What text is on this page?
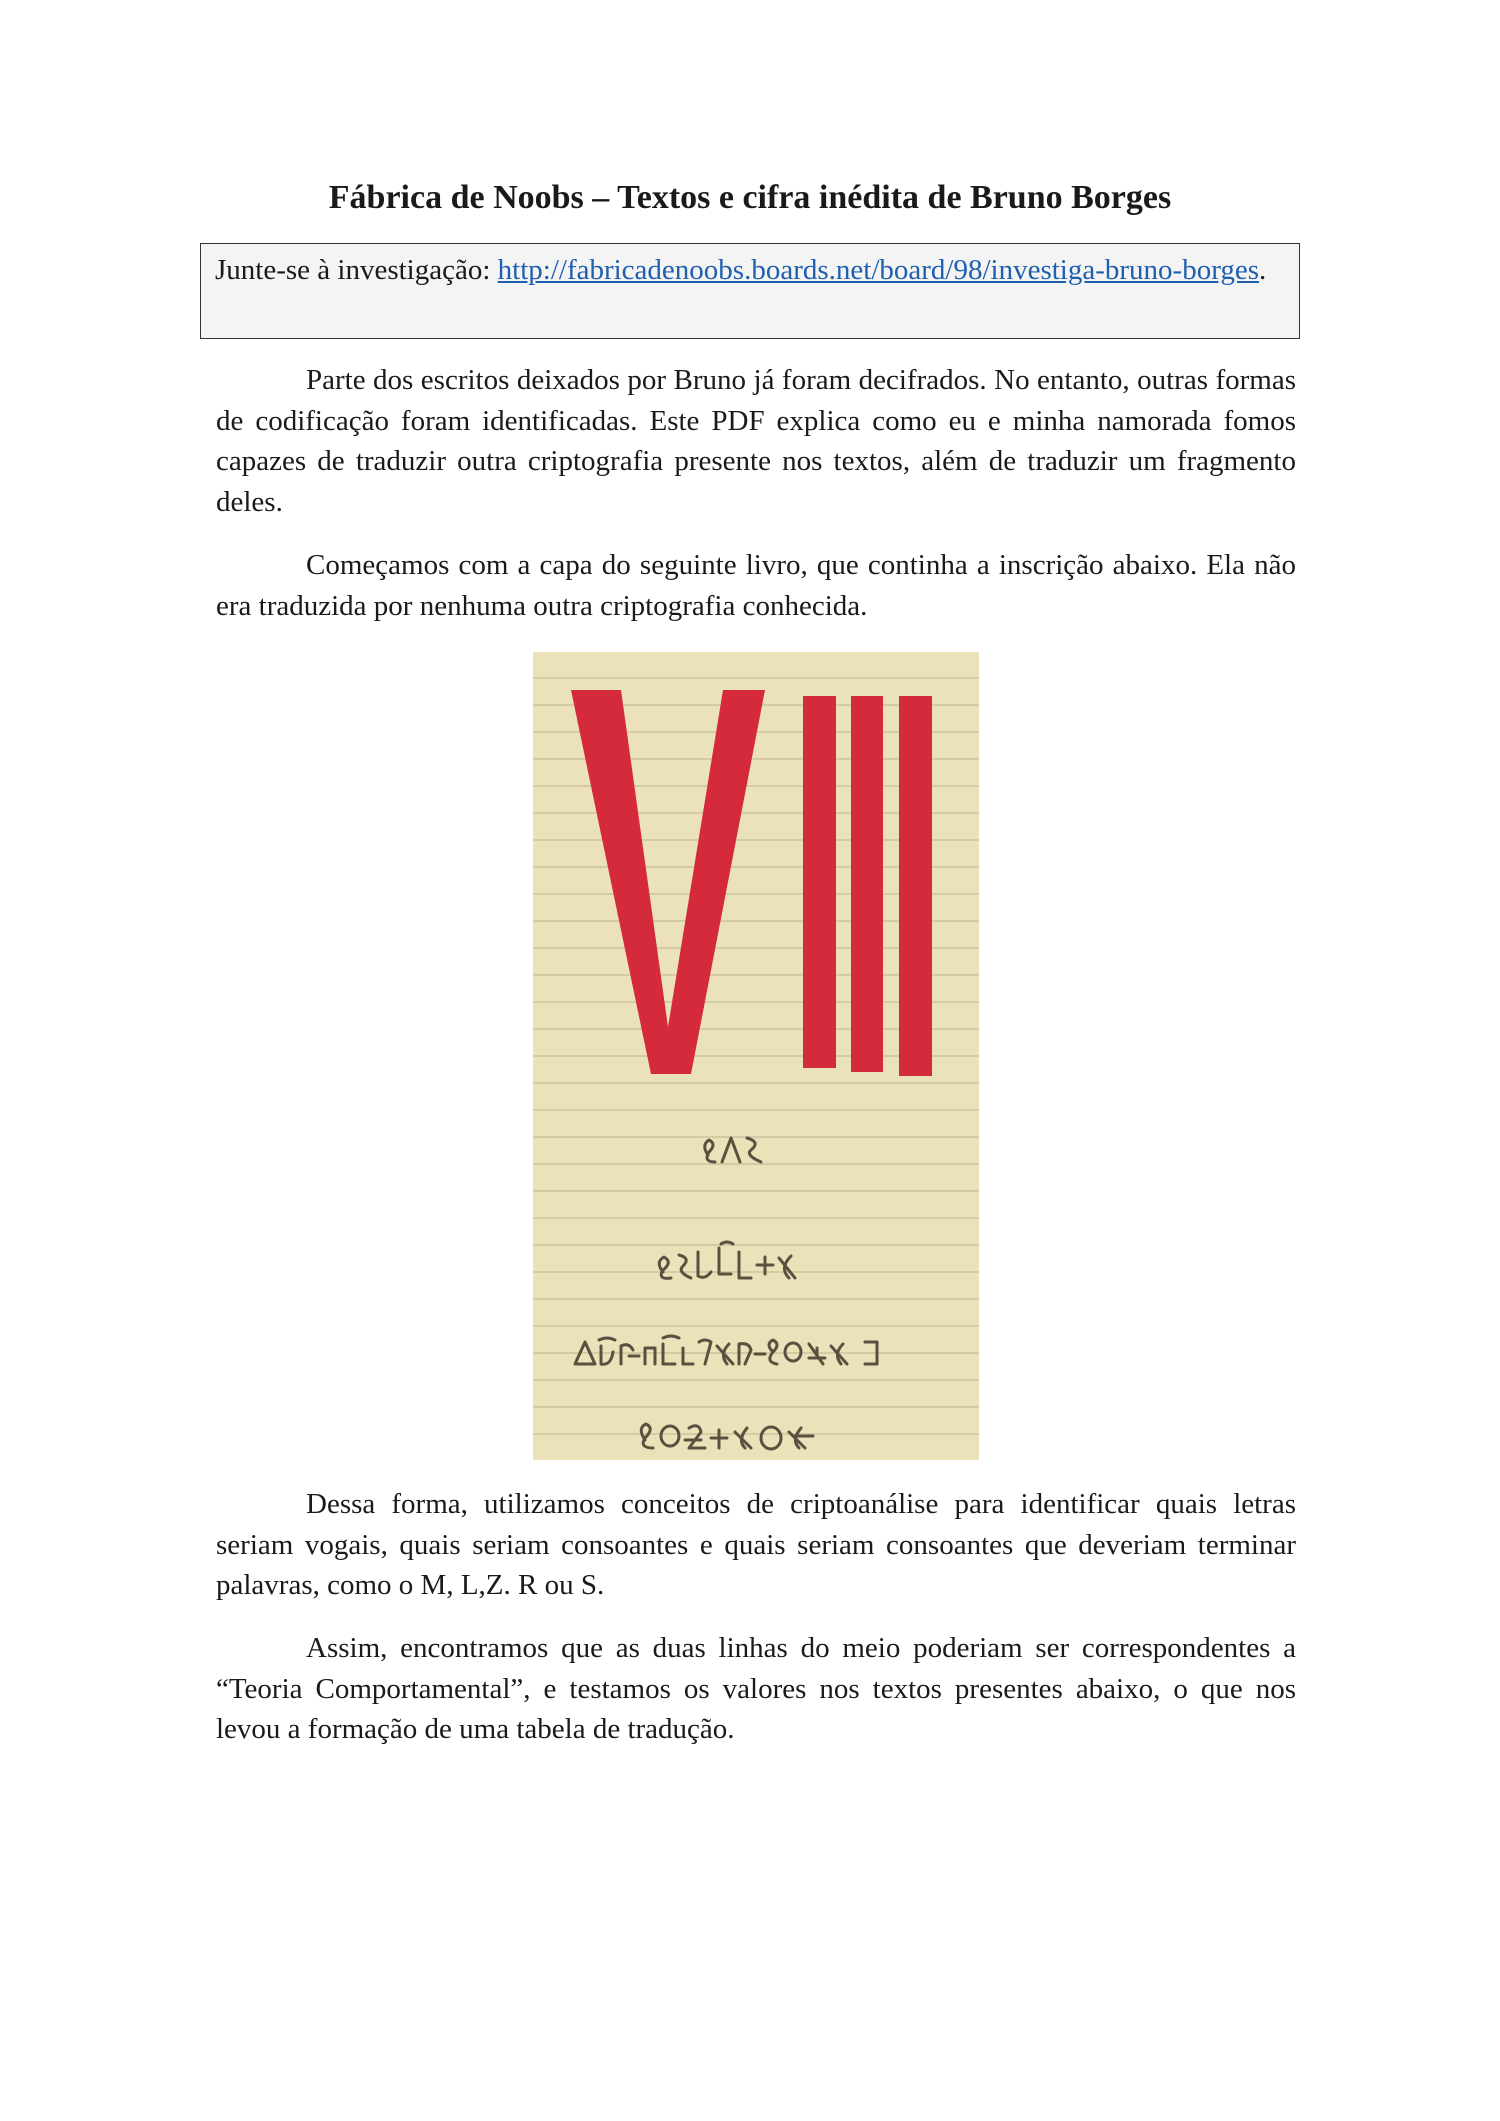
Fábrica de Noobs – Textos e cifra inédita de Bruno Borges
Junte-se à investigação: http://fabricadenoobs.boards.net/board/98/investiga-bruno-borges.

Parte dos escritos deixados por Bruno já foram decifrados. No entanto, outras formas de codificação foram identificadas. Este PDF explica como eu e minha namorada fomos capazes de traduzir outra criptografia presente nos textos, além de traduzir um fragmento deles.

Começamos com a capa do seguinte livro, que continha a inscrição abaixo. Ela não era traduzida por nenhuma outra criptografia conhecida.

Dessa forma, utilizamos conceitos de criptoanálise para identificar quais letras seriam vogais, quais seriam consoantes e quais seriam consoantes que deveriam terminar palavras, como o M, L,Z. R ou S.

Assim, encontramos que as duas linhas do meio poderiam ser correspondentes a “Teoria Comportamental”, e testamos os valores nos textos presentes abaixo, o que nos levou a formação de uma tabela de tradução.
